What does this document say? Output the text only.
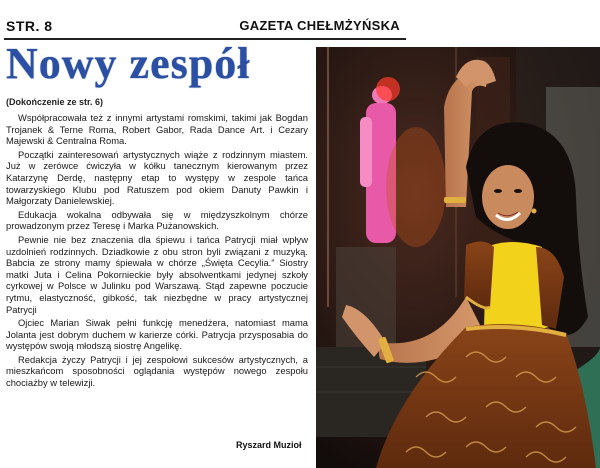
STR. 8	GAZETA CHEŁMŻYŃSKA
Nowy zespół
(Dokończenie ze str. 6)

Współpracowała też z innymi artystami romskimi, takimi jak Bogdan Trojanek & Terne Roma, Robert Gabor, Rada Dance Art. i Cezary Majewski & Centralna Roma.

Początki zainteresowań artystycznych wiąże z rodzinnym miastem. Już w zerówce ćwiczyła w kółku tanecznym kierowanym przez Katarzynę Derdę, następny etap to występy w zespole tańca towarzyskiego Klubu pod Ratuszem pod okiem Danuty Pawkin i Małgorzaty Danielewskiej.

Edukacja wokalna odbywała się w międzyszkolnym chórze prowadzonym przez Teresę i Marka Pużanowskich.

Pewnie nie bez znaczenia dla śpiewu i tańca Patrycji miał wpływ uzdolnień rodzinnych. Dziadkowie z obu stron byli związani z muzyką. Babcia ze strony mamy śpiewała w chórze „Święta Cecylia.” Siostry matki Juta i Celina Pokornieckie były absolwentkami jedynej szkoły cyrkowej w Polsce w Julinku pod Warszawą. Stąd zapewne poczucie rytmu, elastyczność, gibkość, tak niezbędne w pracy artystycznej Patrycji

Ojciec Marian Siwak pełni funkcję menedżera, natomiast mama Jolanta jest dobrym duchem w karierze córki. Patrycja przysposabia do występów swoją młodszą siostrę Angelikę.

Redakcja życzy Patrycji i jej zespołowi sukcesów artystycznych, a mieszkańcom sposobności oglądania występów nowego zespołu chociażby w telewizji.

Ryszard Muzioł
